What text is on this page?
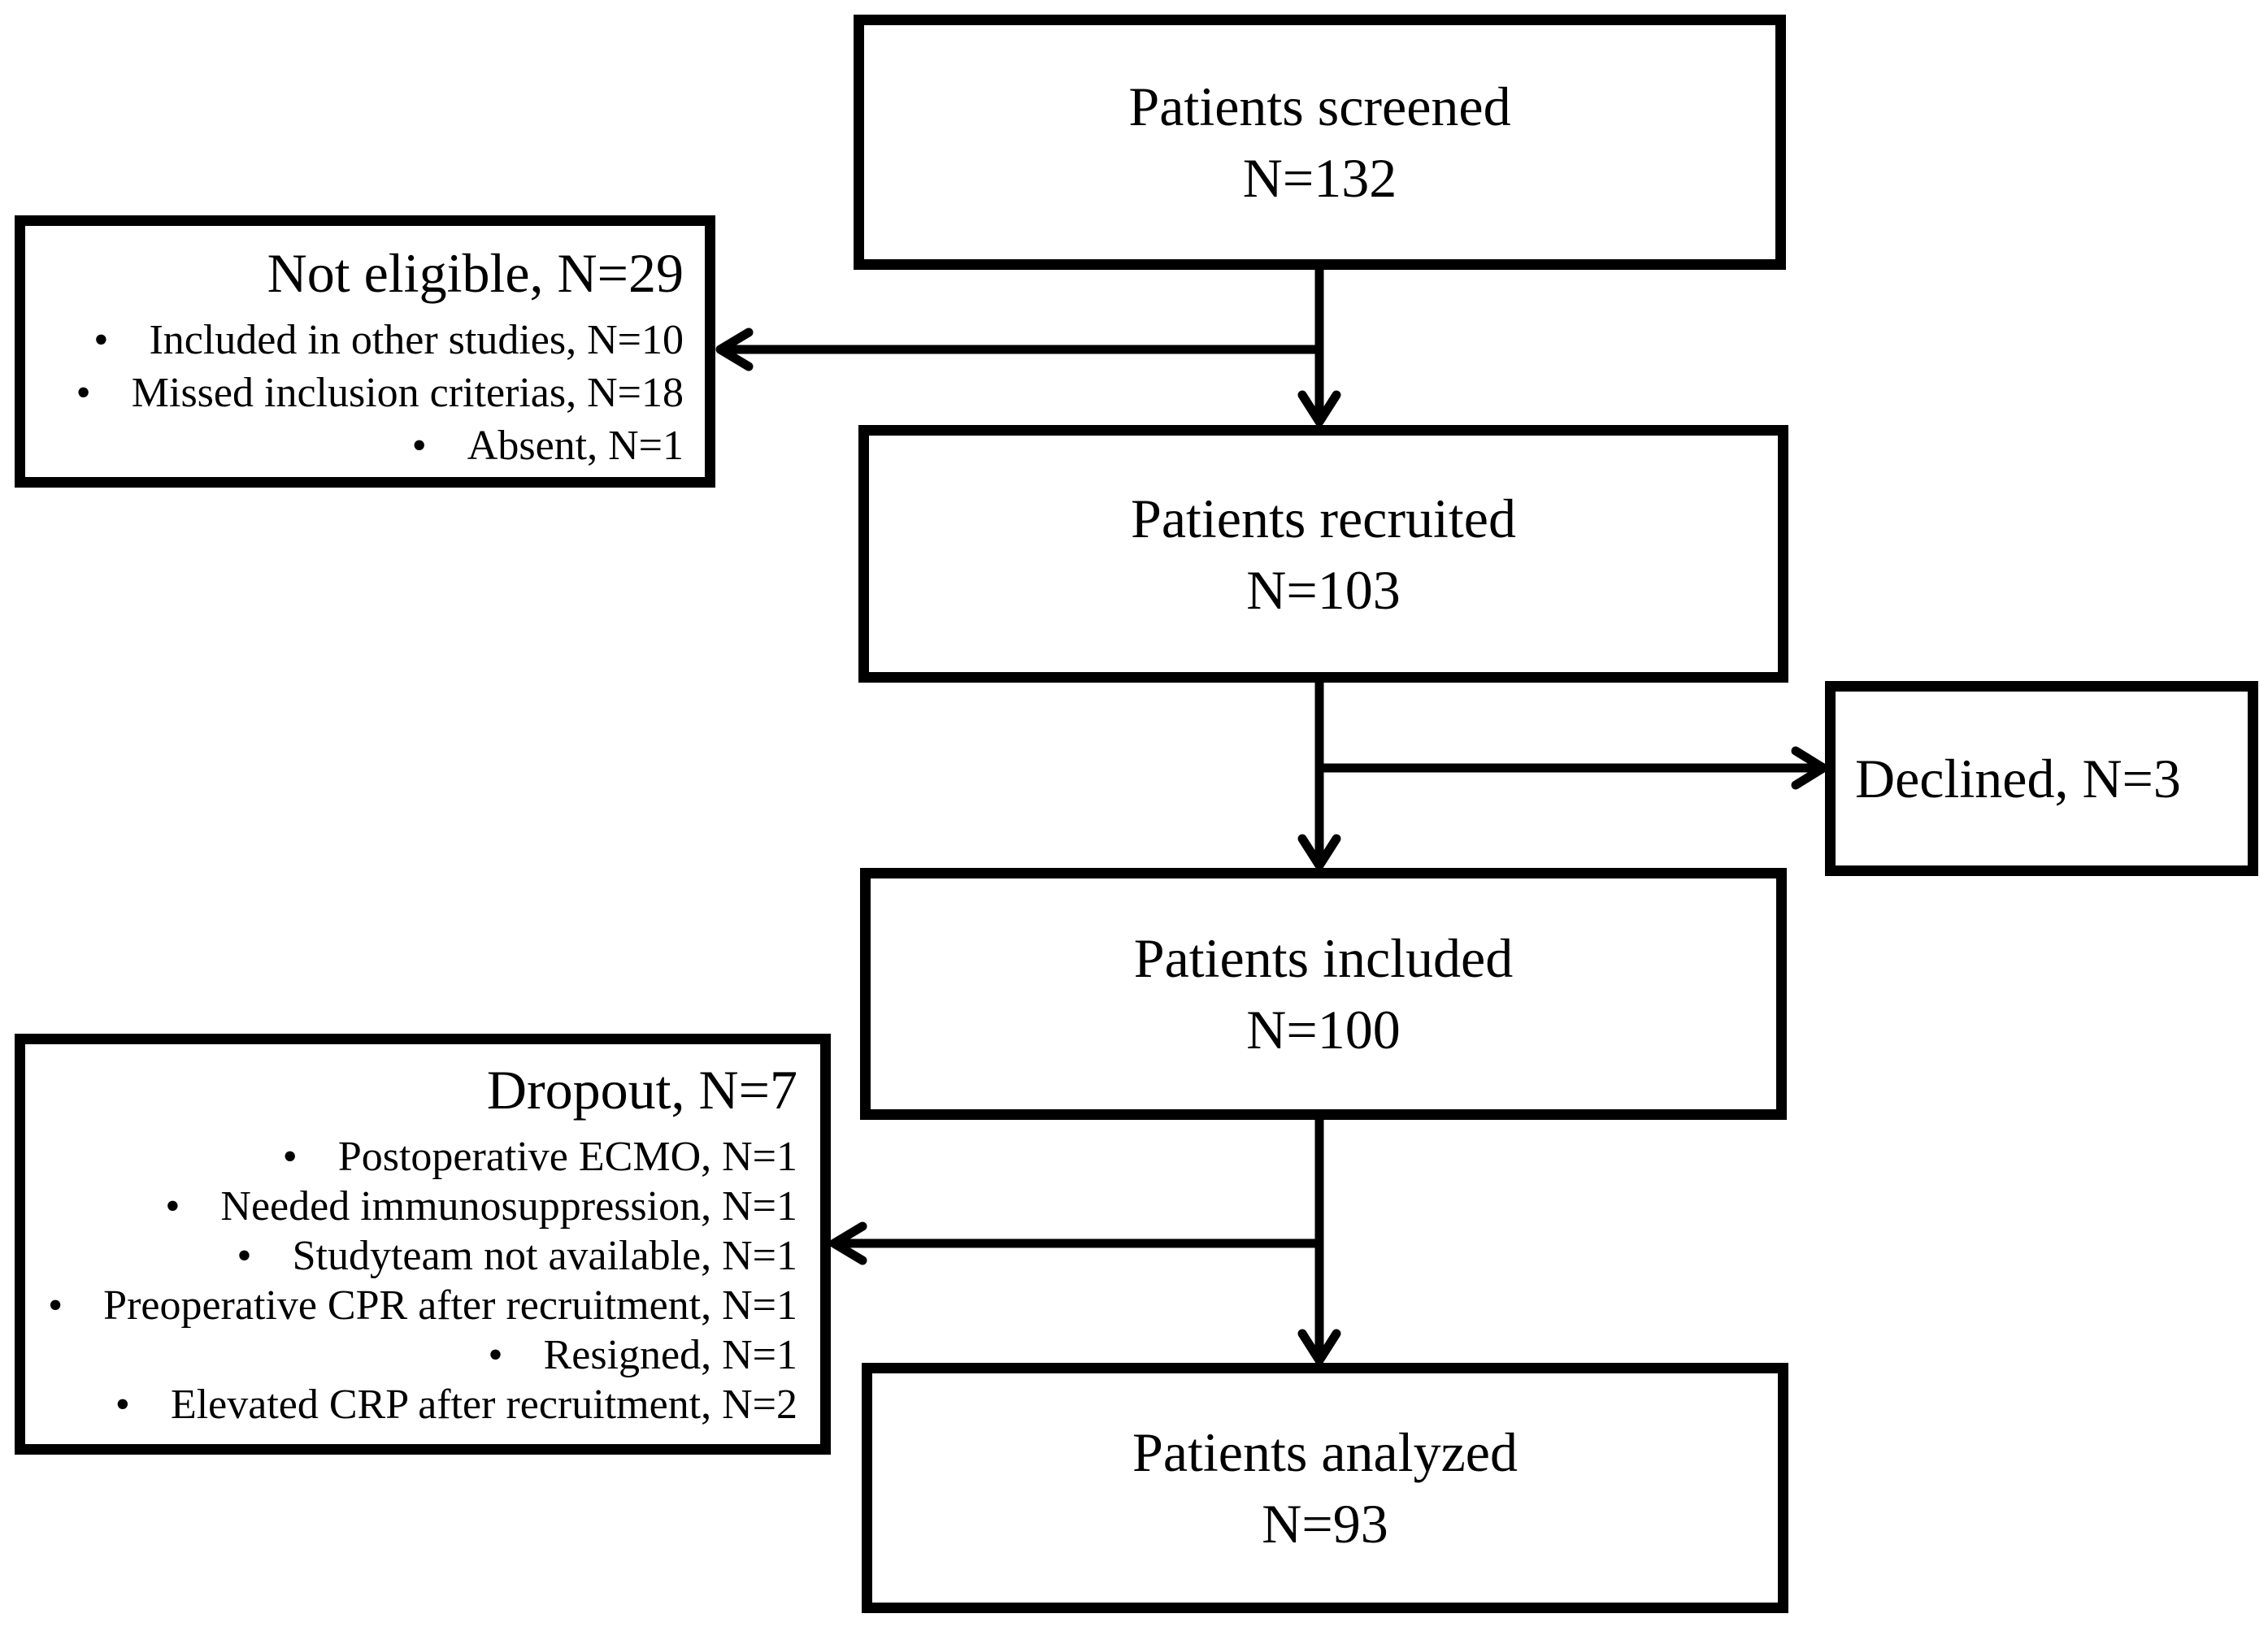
Patients screened
N=132
Not eligible, N=29
• Included in other studies, N=10
• Missed inclusion criterias, N=18
• Absent, N=1
Patients recruited
N=103
Declined, N=3
Patients included
N=100
Dropout, N=7
• Postoperative ECMO, N=1
• Needed immunosuppression, N=1
• Studyteam not available, N=1
• Preoperative CPR after recruitment, N=1
• Resigned, N=1
• Elevated CRP after recruitment, N=2
Patients analyzed
N=93
